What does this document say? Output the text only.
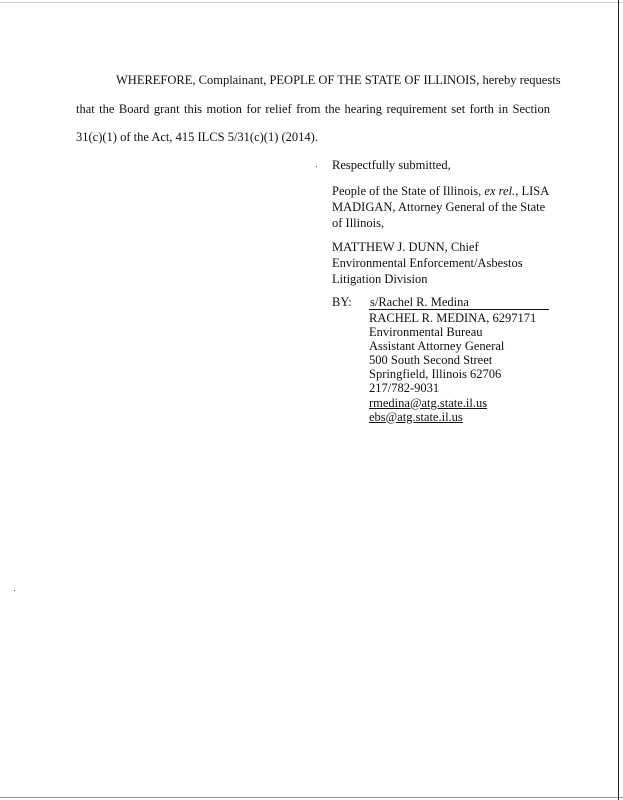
WHEREFORE, Complainant, PEOPLE OF THE STATE OF ILLINOIS, hereby requests
that the Board grant this motion for relief from the hearing requirement set forth in Section
31(c)(1) of the Act, 415 ILCS 5/31(c)(1) (2014).
Respectfully submitted,
People of the State of Illinois, ex rel., LISA
MADIGAN, Attorney General of the State
of Illinois,
MATTHEW J. DUNN, Chief
Environmental Enforcement/Asbestos
Litigation Division
BY: s/Rachel R. Medina
RACHEL R. MEDINA, 6297171
Environmental Bureau
Assistant Attorney General
500 South Second Street
Springfield, Illinois 62706
217/782-9031
rmedina@atg.state.il.us
ebs@atg.state.il.us
